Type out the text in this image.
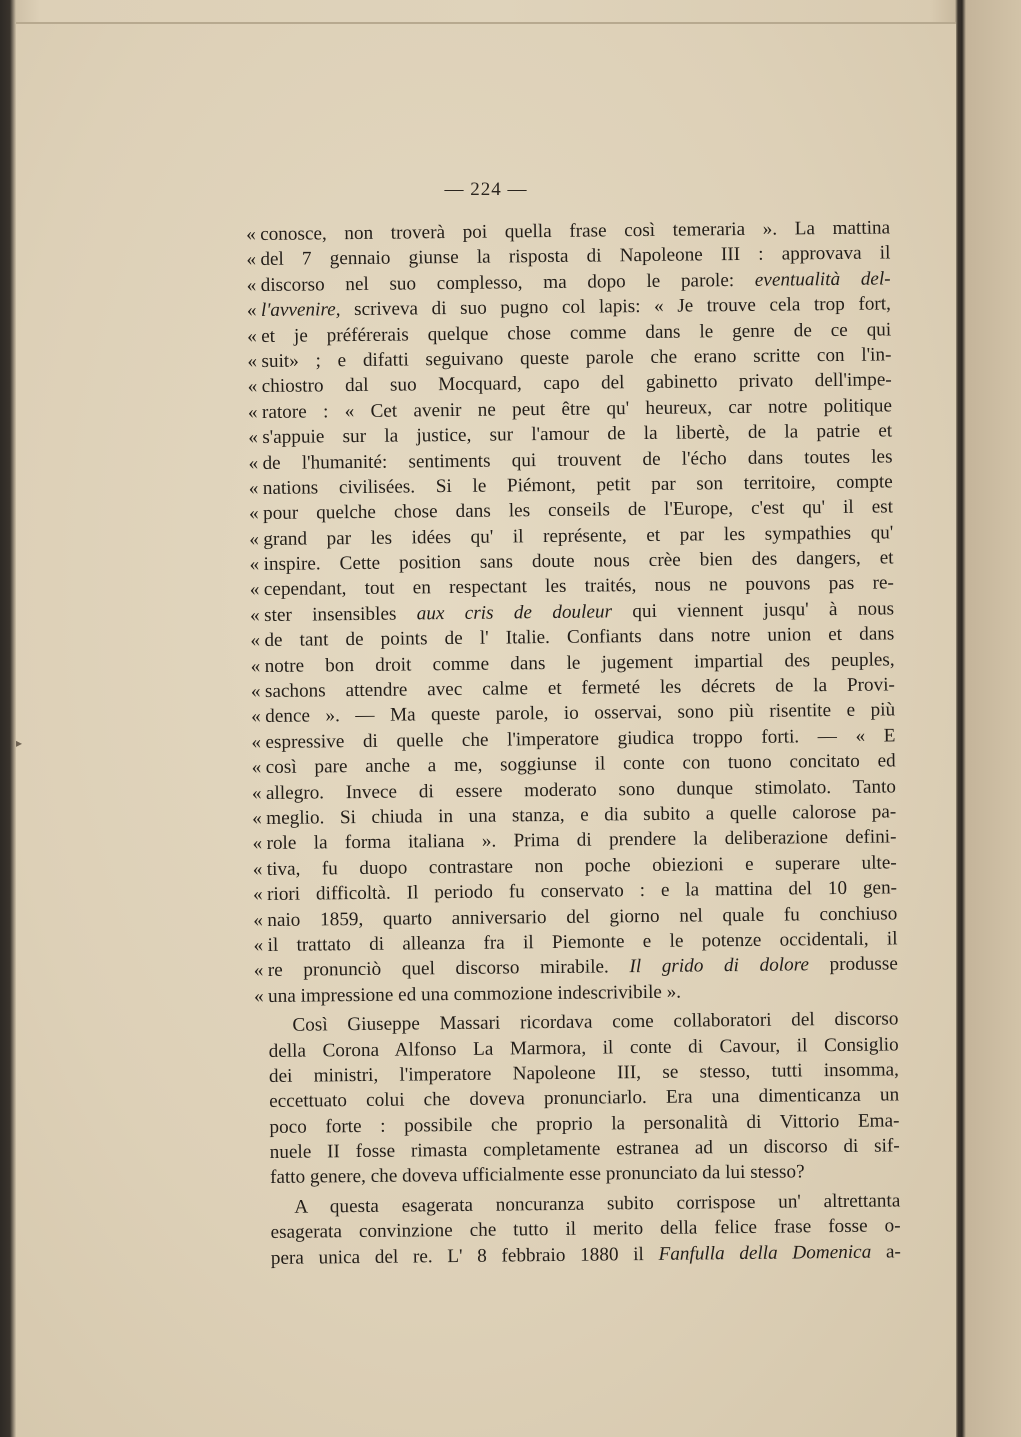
— 224 —
« conosce, non troverà poi quella frase così temeraria ». La mattina
« del 7 gennaio giunse la risposta di Napoleone III : approvava il
« discorso nel suo complesso, ma dopo le parole: eventualità del-
« l'avvenire, scriveva di suo pugno col lapis: « Je trouve cela trop fort,
« et je préférerais quelque chose comme dans le genre de ce qui
« suit» ; e difatti seguivano queste parole che erano scritte con l'in-
« chiostro dal suo Mocquard, capo del gabinetto privato dell'impe-
« ratore : « Cet avenir ne peut être qu' heureux, car notre politique
« s'appuie sur la justice, sur l'amour de la libertè, de la patrie et
« de l'humanité: sentiments qui trouvent de l'écho dans toutes les
« nations civilisées. Si le Piémont, petit par son territoire, compte
« pour quelche chose dans les conseils de l'Europe, c'est qu' il est
« grand par les idées qu' il représente, et par les sympathies qu'
« inspire. Cette position sans doute nous crèe bien des dangers, et
« cependant, tout en respectant les traités, nous ne pouvons pas re-
« ster insensibles aux cris de douleur qui viennent jusqu' à nous
« de tant de points de l' Italie. Confiants dans notre union et dans
« notre bon droit comme dans le jugement impartial des peuples,
« sachons attendre avec calme et fermeté les décrets de la Provi-
« dence ». — Ma queste parole, io osservai, sono più risentite e più
« espressive di quelle che l'imperatore giudica troppo forti. — « E
« così pare anche a me, soggiunse il conte con tuono concitato ed
« allegro. Invece di essere moderato sono dunque stimolato. Tanto
« meglio. Si chiuda in una stanza, e dia subito a quelle calorose pa-
« role la forma italiana ». Prima di prendere la deliberazione defini-
« tiva, fu duopo contrastare non poche obiezioni e superare ulte-
« riori difficoltà. Il periodo fu conservato : e la mattina del 10 gen-
« naio 1859, quarto anniversario del giorno nel quale fu conchiuso
« il trattato di alleanza fra il Piemonte e le potenze occidentali, il
« re pronunciò quel discorso mirabile. Il grido di dolore produsse
« una impressione ed una commozione indescrivibile ».
Così Giuseppe Massari ricordava come collaboratori del discorso
della Corona Alfonso La Marmora, il conte di Cavour, il Consiglio
dei ministri, l'imperatore Napoleone III, se stesso, tutti insomma,
eccettuato colui che doveva pronunciarlo. Era una dimenticanza un
poco forte : possibile che proprio la personalità di Vittorio Ema-
nuele II fosse rimasta completamente estranea ad un discorso di sif-
fatto genere, che doveva ufficialmente esse pronunciato da lui stesso?
A questa esagerata noncuranza subito corrispose un' altrettanta
esagerata convinzione che tutto il merito della felice frase fosse o-
pera unica del re. L' 8 febbraio 1880 il Fanfulla della Domenica a-
▸
